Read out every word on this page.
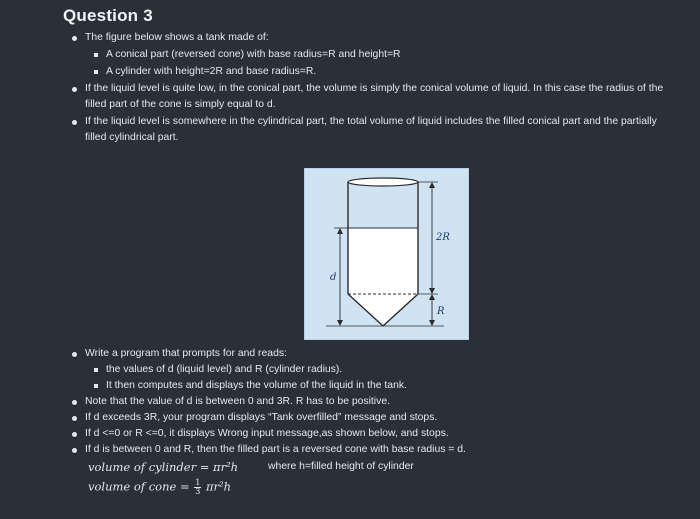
Question 3
The figure below shows a tank made of:
A conical part (reversed cone) with base radius=R and height=R
A cylinder with height=2R and base radius=R.
If the liquid level is quite low, in the conical part, the volume is simply the conical volume of liquid. In this case the radius of the filled part of the cone is simply equal to d.
If the liquid level is somewhere in the cylindrical part, the total volume of liquid includes the filled conical part and the partially filled cylindrical part.
2R
d
R
Write a program that prompts for and reads:
the values of d (liquid level) and R (cylinder radius).
It then computes and displays the volume of the liquid in the tank.
Note that the value of d is between 0 and 3R. R has to be positive.
If d exceeds 3R, your program displays “Tank overfilled” message and stops.
If d <=0 or R <=0, it displays Wrong input message,as shown below, and stops.
If d is between 0 and R, then the filled part is a reversed cone with base radius = d.
volume of cylinder = πr²h	where h=filled height of cylinder
volume of cone = $\frac{1}{3} \pi r^2h$
